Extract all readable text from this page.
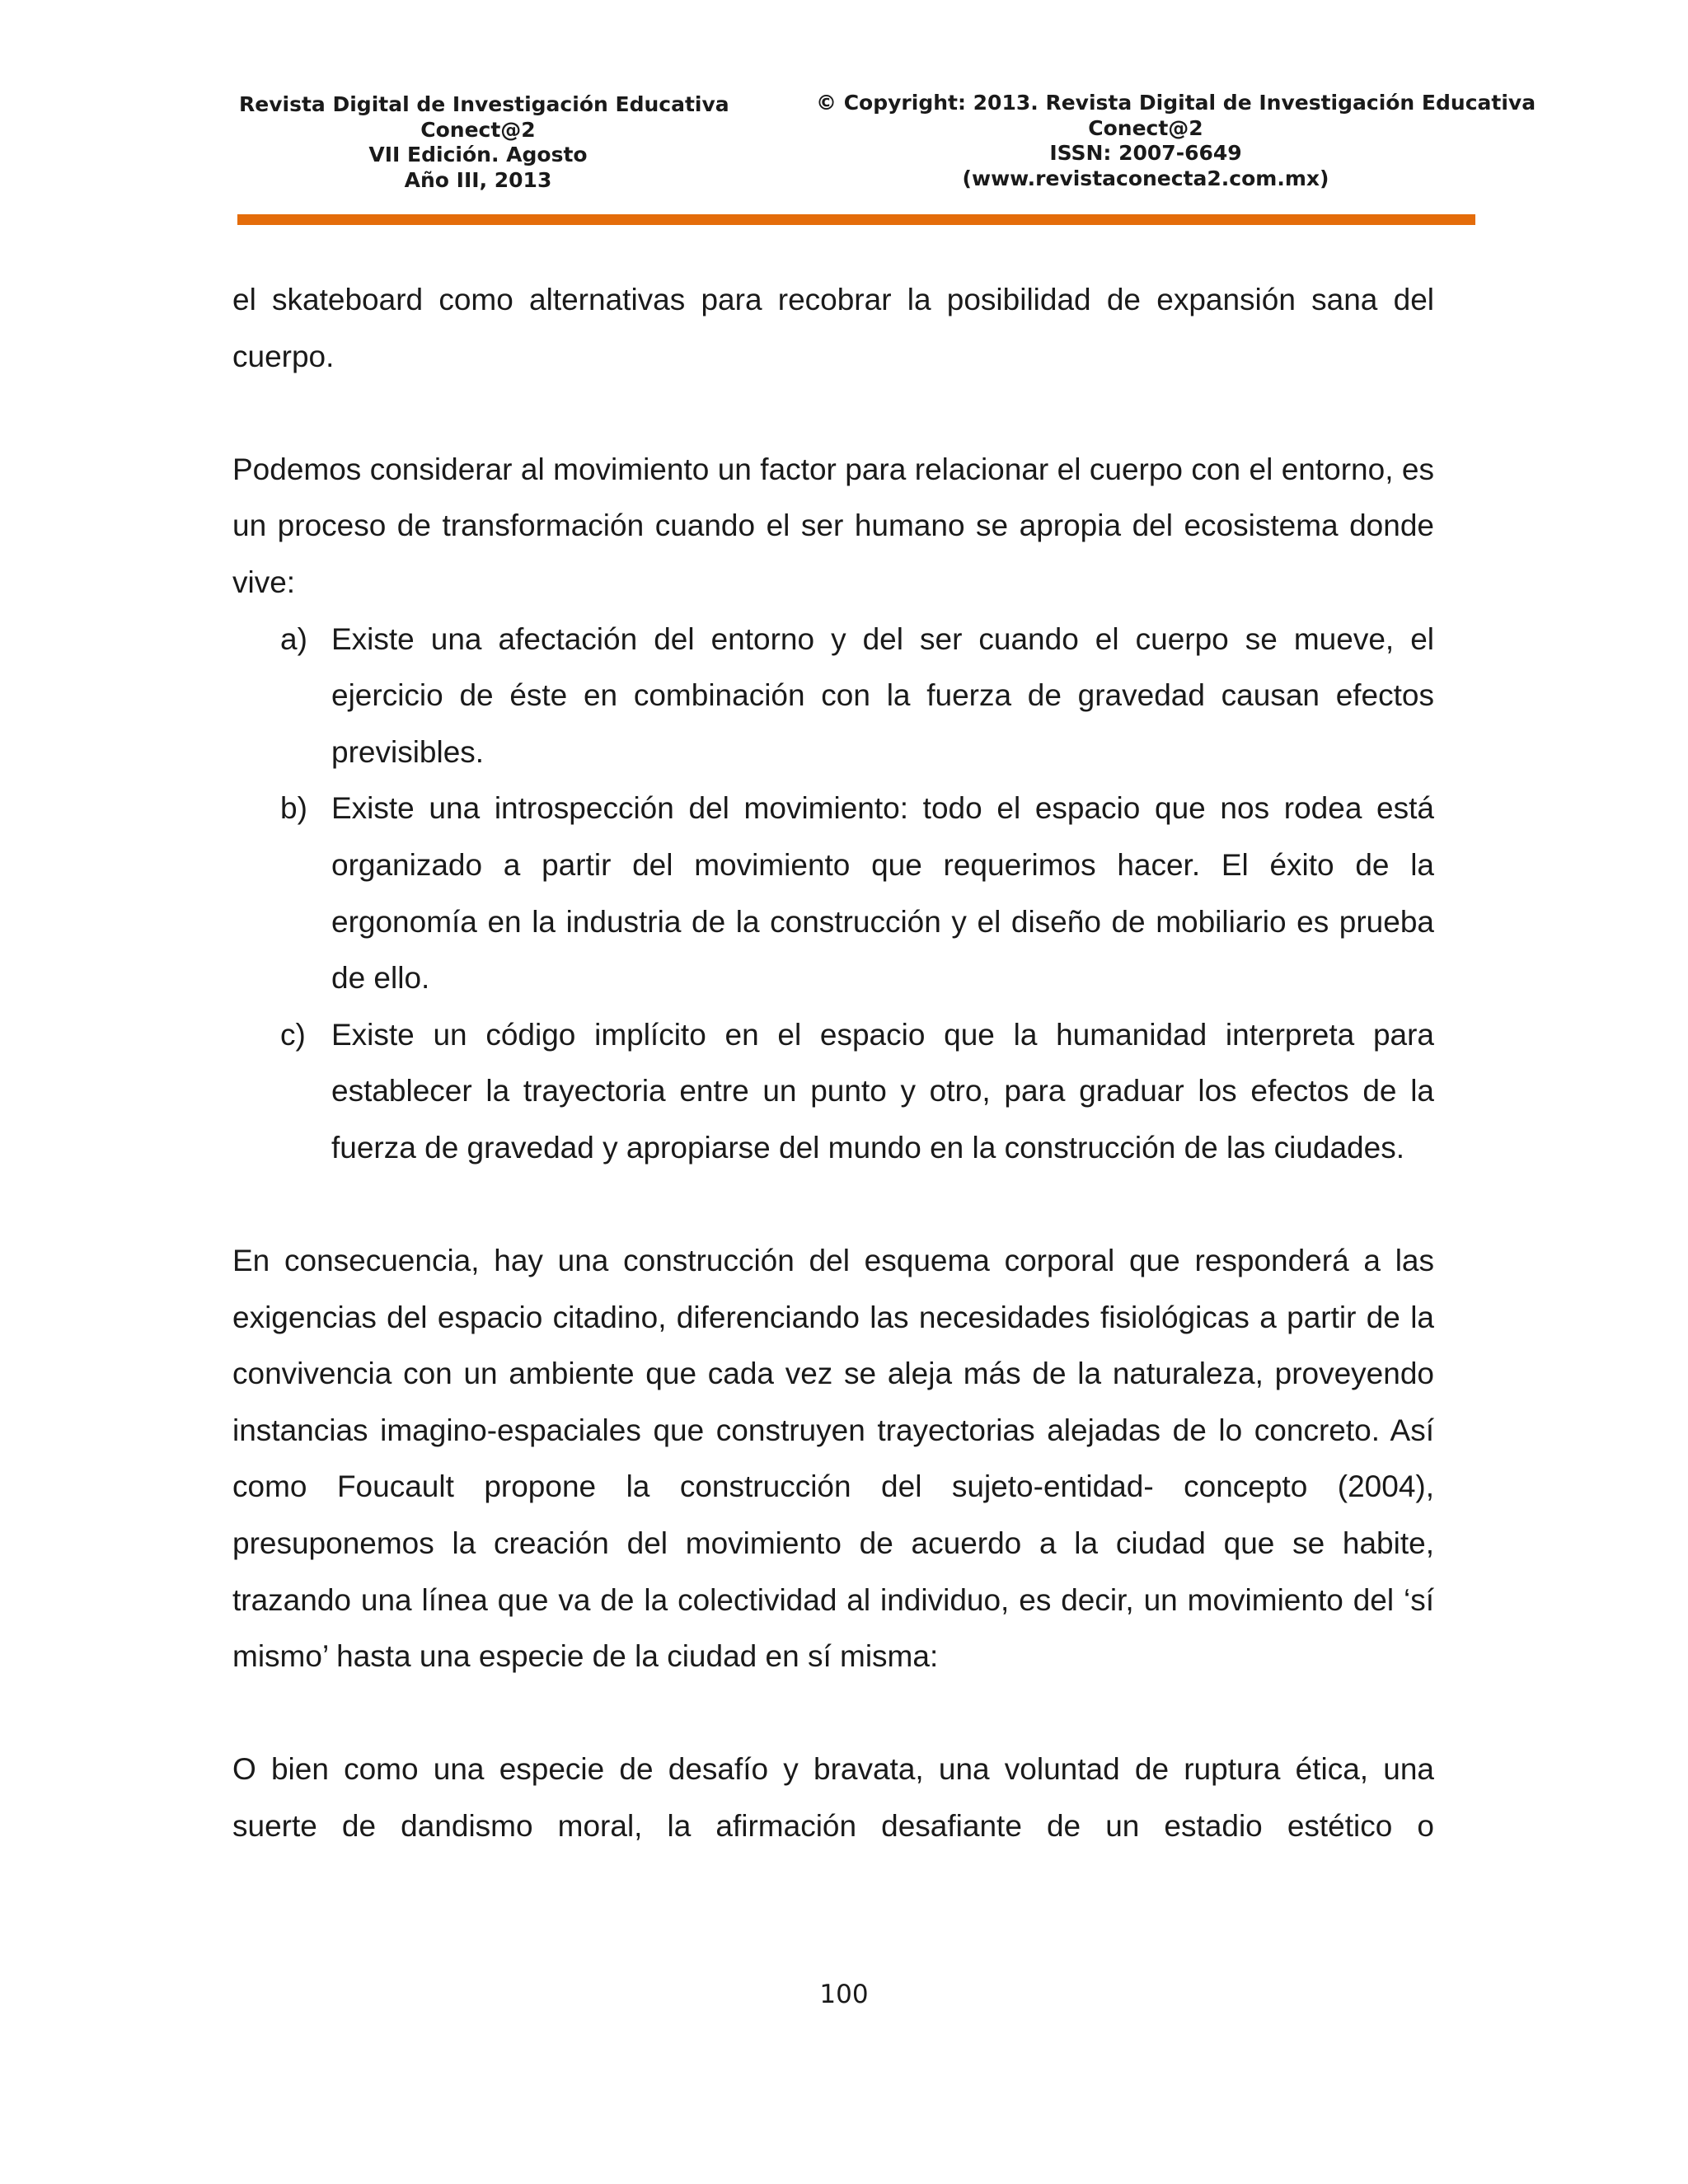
Revista Digital de Investigación Educativa
Conect@2
VII Edición. Agosto
Año III, 2013
© Copyright: 2013. Revista Digital de Investigación Educativa
Conect@2
ISSN: 2007-6649
(www.revistaconecta2.com.mx)

el skateboard como alternativas para recobrar la posibilidad de expansión sana del cuerpo.

Podemos considerar al movimiento un factor para relacionar el cuerpo con el entorno, es un proceso de transformación cuando el ser humano se apropia del ecosistema donde vive:

a) Existe una afectación del entorno y del ser cuando el cuerpo se mueve, el ejercicio de éste en combinación con la fuerza de gravedad causan efectos previsibles.
b) Existe una introspección del movimiento: todo el espacio que nos rodea está organizado a partir del movimiento que requerimos hacer. El éxito de la ergonomía en la industria de la construcción y el diseño de mobiliario es prueba de ello.
c) Existe un código implícito en el espacio que la humanidad interpreta para establecer la trayectoria entre un punto y otro, para graduar los efectos de la fuerza de gravedad y apropiarse del mundo en la construcción de las ciudades.

En consecuencia, hay una construcción del esquema corporal que responderá a las exigencias del espacio citadino, diferenciando las necesidades fisiológicas a partir de la convivencia con un ambiente que cada vez se aleja más de la naturaleza, proveyendo instancias imagino-espaciales que construyen trayectorias alejadas de lo concreto. Así como Foucault propone la construcción del sujeto-entidad- concepto (2004), presuponemos la creación del movimiento de acuerdo a la ciudad que se habite, trazando una línea que va de la colectividad al individuo, es decir, un movimiento del ‘sí mismo’ hasta una especie de la ciudad en sí misma:

O bien como una especie de desafío y bravata, una voluntad de ruptura ética, una suerte de dandismo moral, la afirmación desafiante de un estadio estético o

100
